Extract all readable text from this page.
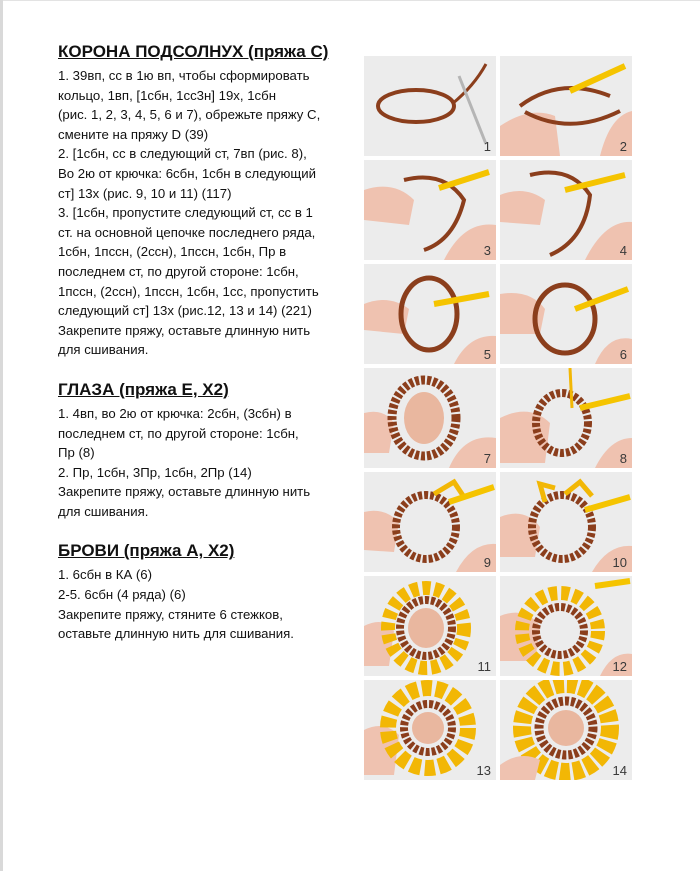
КОРОНА ПОДСОЛНУХ (пряжа С)
1. 39вп, сс в 1ю вп, чтобы сформировать
кольцо, 1вп, [1сбн, 1сс3н] 19х, 1сбн
(рис. 1, 2, 3, 4, 5, 6 и 7), обрежьте пряжу С,
смените на пряжу D (39)
2. [1сбн, сс в следующий ст, 7вп (рис. 8),
Во 2ю от крючка: 6сбн, 1сбн в следующий
ст] 13х (рис. 9, 10 и 11) (117)
3. [1сбн, пропустите следующий ст, сс в 1
ст. на основной цепочке последнего ряда,
1сбн, 1пссн, (2ссн), 1пссн, 1сбн, Пр в
последнем ст, по другой стороне: 1сбн,
1пссн, (2ссн), 1пссн, 1сбн, 1сс, пропустить
следующий ст] 13х (рис.12, 13 и 14) (221)
Закрепите пряжу, оставьте длинную нить
для сшивания.
ГЛАЗА (пряжа Е, Х2)
1. 4вп, во 2ю от крючка: 2сбн, (3сбн) в
последнем ст, по другой стороне: 1сбн,
Пр (8)
2. Пр, 1сбн, 3Пр, 1сбн, 2Пр (14)
Закрепите пряжу, оставьте длинную нить
для сшивания.
БРОВИ (пряжа А, Х2)
1. 6сбн в КА (6)
2-5. 6сбн (4 ряда) (6)
Закрепите пряжу, стяните 6 стежков,
оставьте длинную нить для сшивания.
1	2
3	4
5	6
7	8
9	10
11	12
13	14
